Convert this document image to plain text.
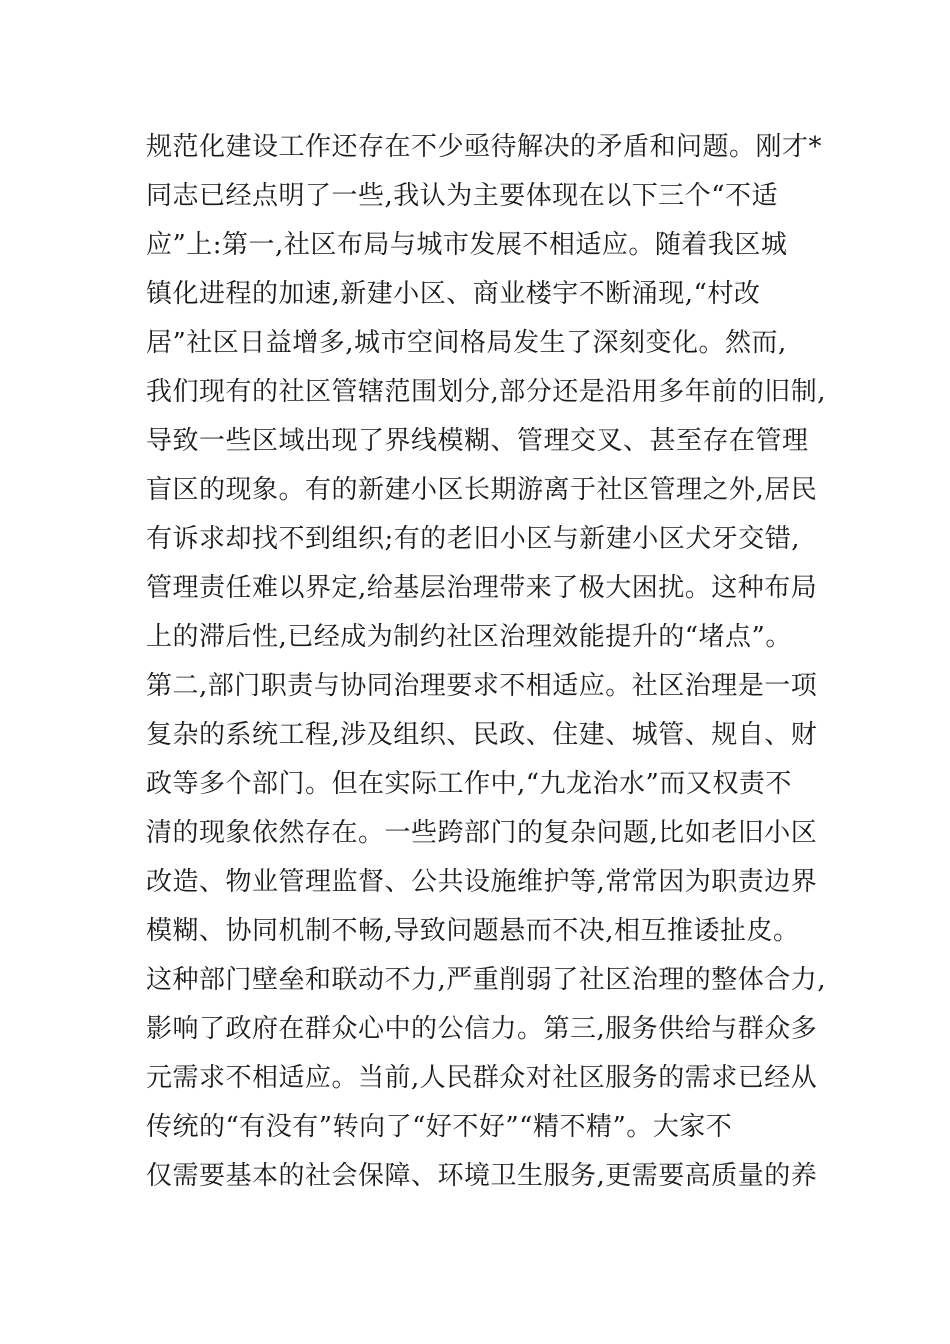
规范化建设工作还存在不少亟待解决的矛盾和问题。刚才*
同志已经点明了一些,我认为主要体现在以下三个“不适
应”上:第一,社区布局与城市发展不相适应。随着我区城
镇化进程的加速,新建小区、商业楼宇不断涌现,“村改
居”社区日益增多,城市空间格局发生了深刻变化。然而,
我们现有的社区管辖范围划分,部分还是沿用多年前的旧制,
导致一些区域出现了界线模糊、管理交叉、甚至存在管理
盲区的现象。有的新建小区长期游离于社区管理之外,居民
有诉求却找不到组织;有的老旧小区与新建小区犬牙交错,
管理责任难以界定,给基层治理带来了极大困扰。这种布局
上的滞后性,已经成为制约社区治理效能提升的“堵点”。
第二,部门职责与协同治理要求不相适应。社区治理是一项
复杂的系统工程,涉及组织、民政、住建、城管、规自、财
政等多个部门。但在实际工作中,“九龙治水”而又权责不
清的现象依然存在。一些跨部门的复杂问题,比如老旧小区
改造、物业管理监督、公共设施维护等,常常因为职责边界
模糊、协同机制不畅,导致问题悬而不决,相互推诿扯皮。
这种部门壁垒和联动不力,严重削弱了社区治理的整体合力,
影响了政府在群众心中的公信力。第三,服务供给与群众多
元需求不相适应。当前,人民群众对社区服务的需求已经从
传统的“有没有”转向了“好不好”“精不精”。大家不
仅需要基本的社会保障、环境卫生服务,更需要高质量的养
